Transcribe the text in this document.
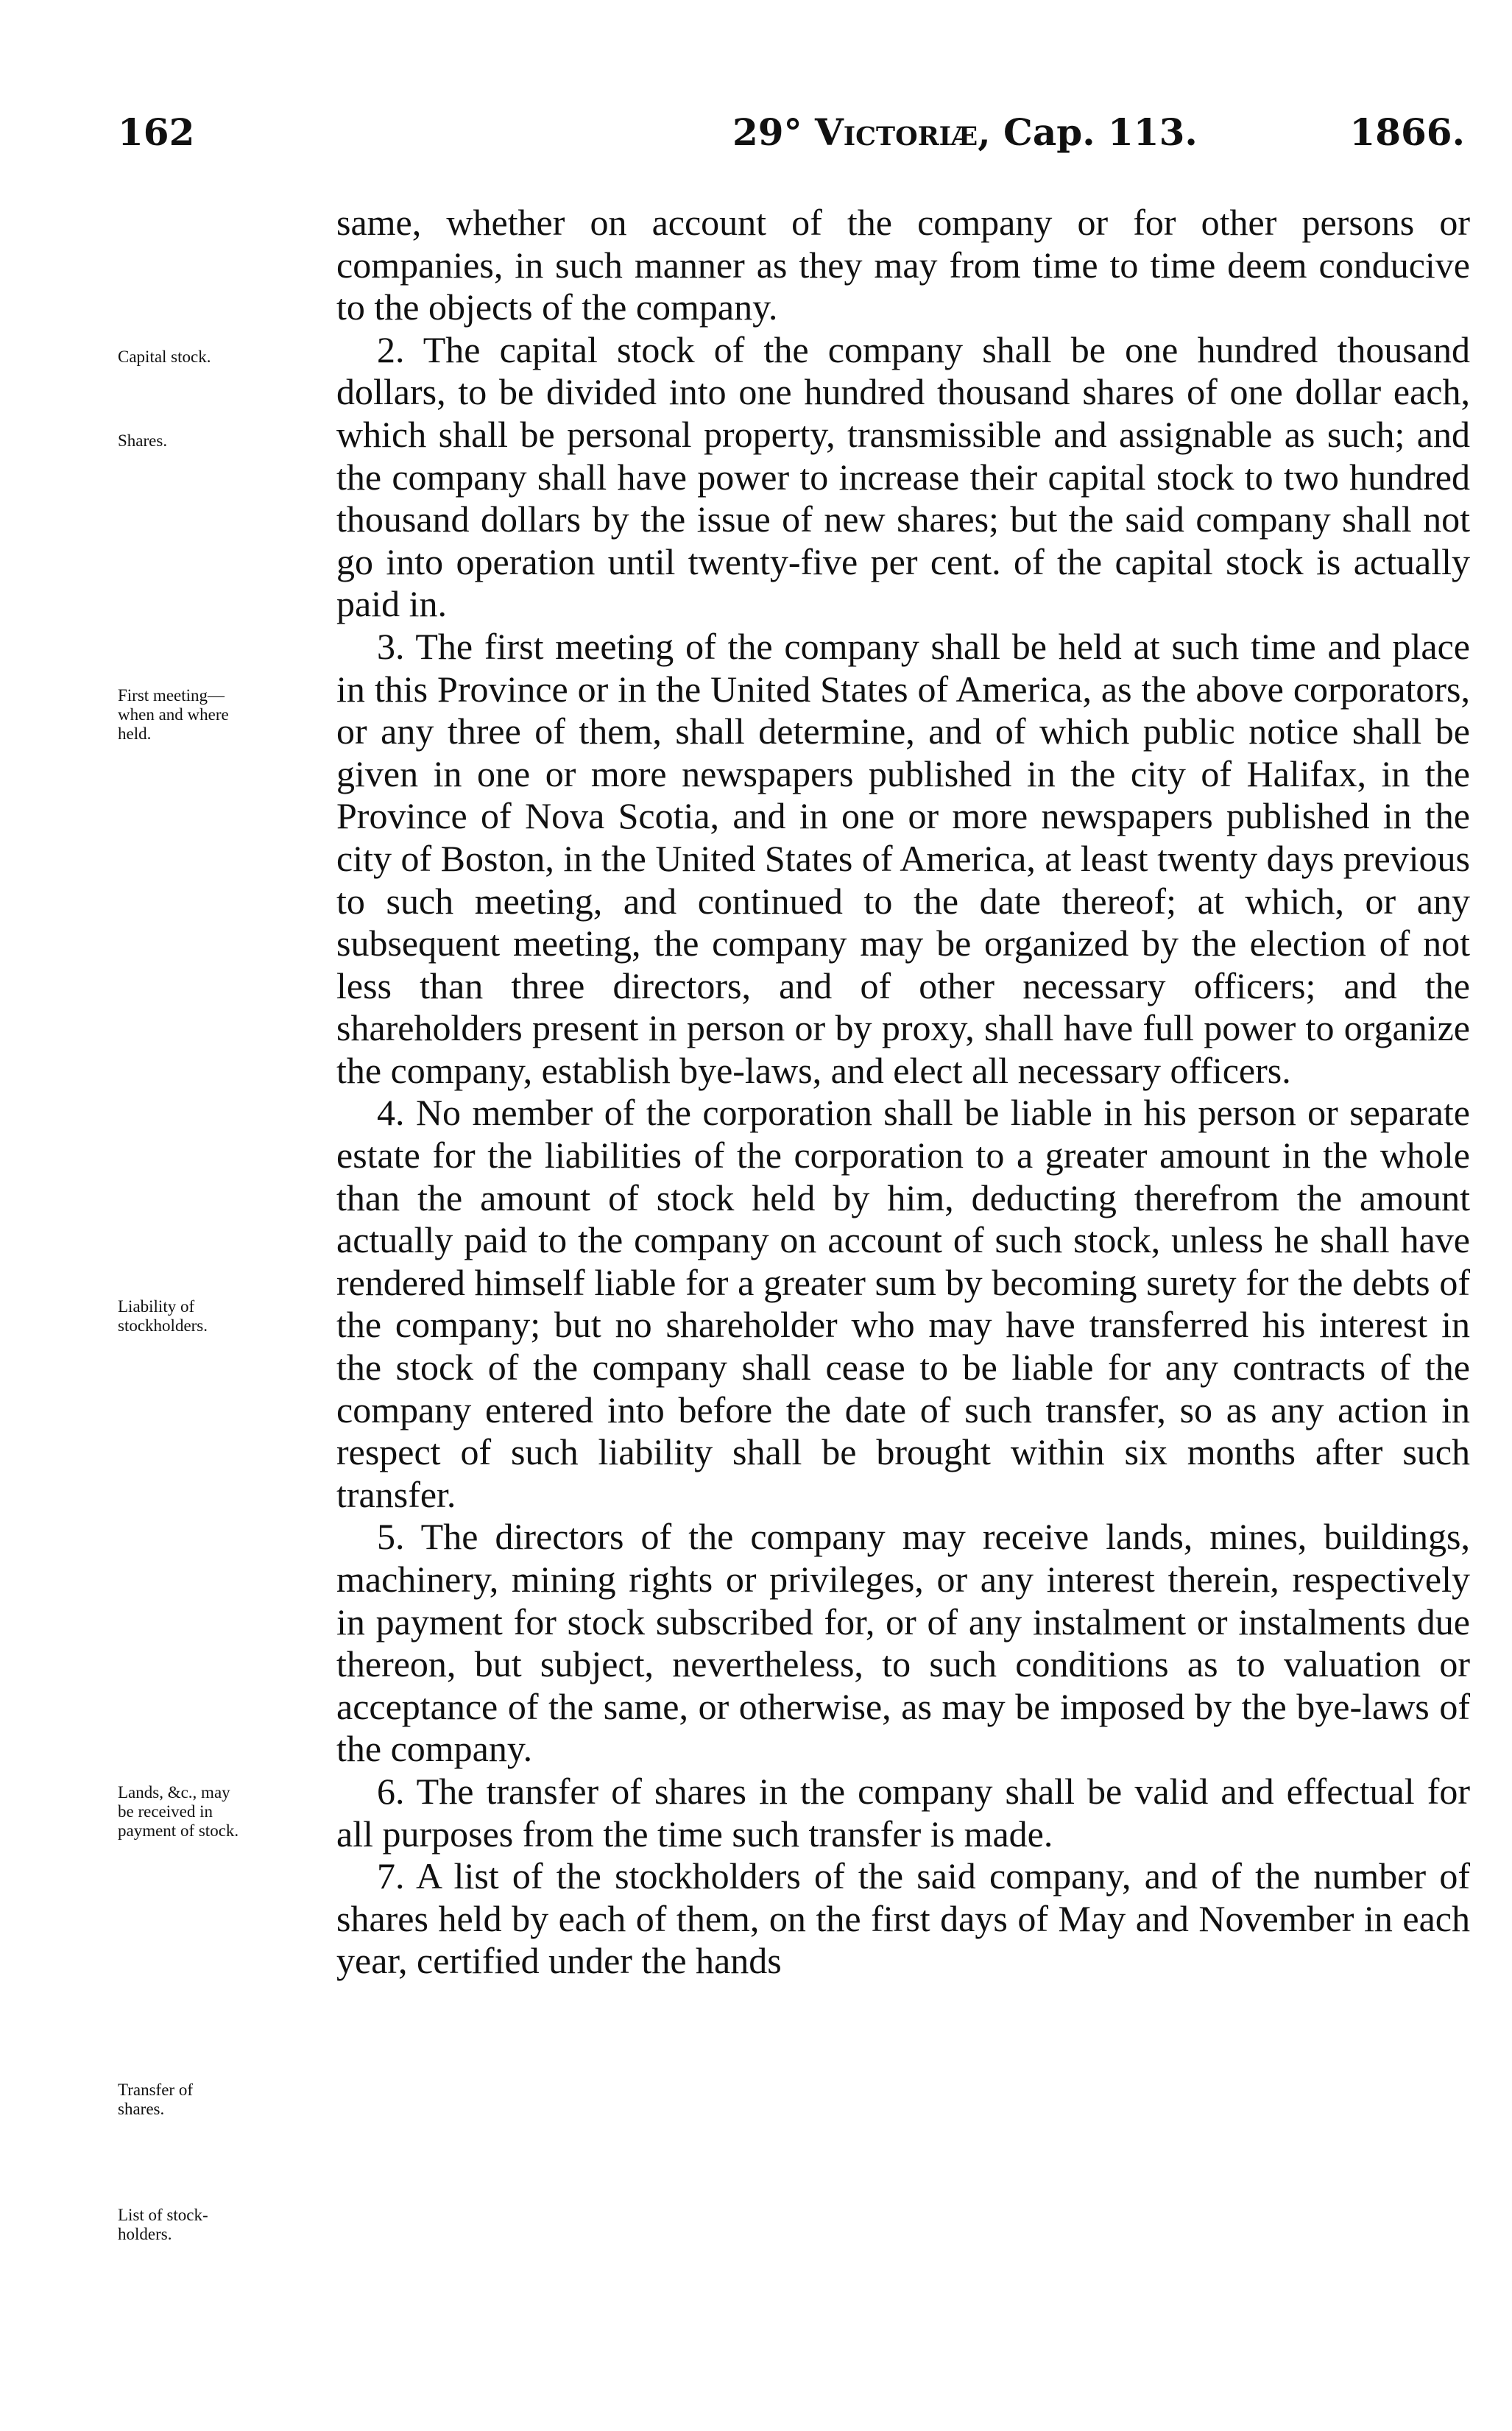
162	29° Victoriæ, Cap. 113.	1866.
Capital stock.
Shares.
First meeting—when and where held.
Liability of stockholders.
Lands, &c., may be received in payment of stock.
Transfer of shares.
List of stock-holders.

same, whether on account of the company or for other persons or companies, in such manner as they may from time to time deem conducive to the objects of the company.

2. The capital stock of the company shall be one hundred thousand dollars, to be divided into one hundred thousand shares of one dollar each, which shall be personal property, transmissible and assignable as such; and the company shall have power to increase their capital stock to two hundred thousand dollars by the issue of new shares; but the said company shall not go into operation until twenty-five per cent. of the capital stock is actually paid in.

3. The first meeting of the company shall be held at such time and place in this Province or in the United States of America, as the above corporators, or any three of them, shall determine, and of which public notice shall be given in one or more newspapers published in the city of Halifax, in the Province of Nova Scotia, and in one or more newspapers published in the city of Boston, in the United States of America, at least twenty days previous to such meeting, and continued to the date thereof; at which, or any subsequent meeting, the company may be organized by the election of not less than three directors, and of other necessary officers; and the shareholders present in person or by proxy, shall have full power to organize the company, establish bye-laws, and elect all necessary officers.

4. No member of the corporation shall be liable in his person or separate estate for the liabilities of the corporation to a greater amount in the whole than the amount of stock held by him, deducting therefrom the amount actually paid to the company on account of such stock, unless he shall have rendered himself liable for a greater sum by becoming surety for the debts of the company; but no shareholder who may have transferred his interest in the stock of the company shall cease to be liable for any contracts of the company entered into before the date of such transfer, so as any action in respect of such liability shall be brought within six months after such transfer.

5. The directors of the company may receive lands, mines, buildings, machinery, mining rights or privileges, or any interest therein, respectively in payment for stock subscribed for, or of any instalment or instalments due thereon, but subject, nevertheless, to such conditions as to valuation or acceptance of the same, or otherwise, as may be imposed by the bye-laws of the company.

6. The transfer of shares in the company shall be valid and effectual for all purposes from the time such transfer is made.

7. A list of the stockholders of the said company, and of the number of shares held by each of them, on the first days of May and November in each year, certified under the hands
